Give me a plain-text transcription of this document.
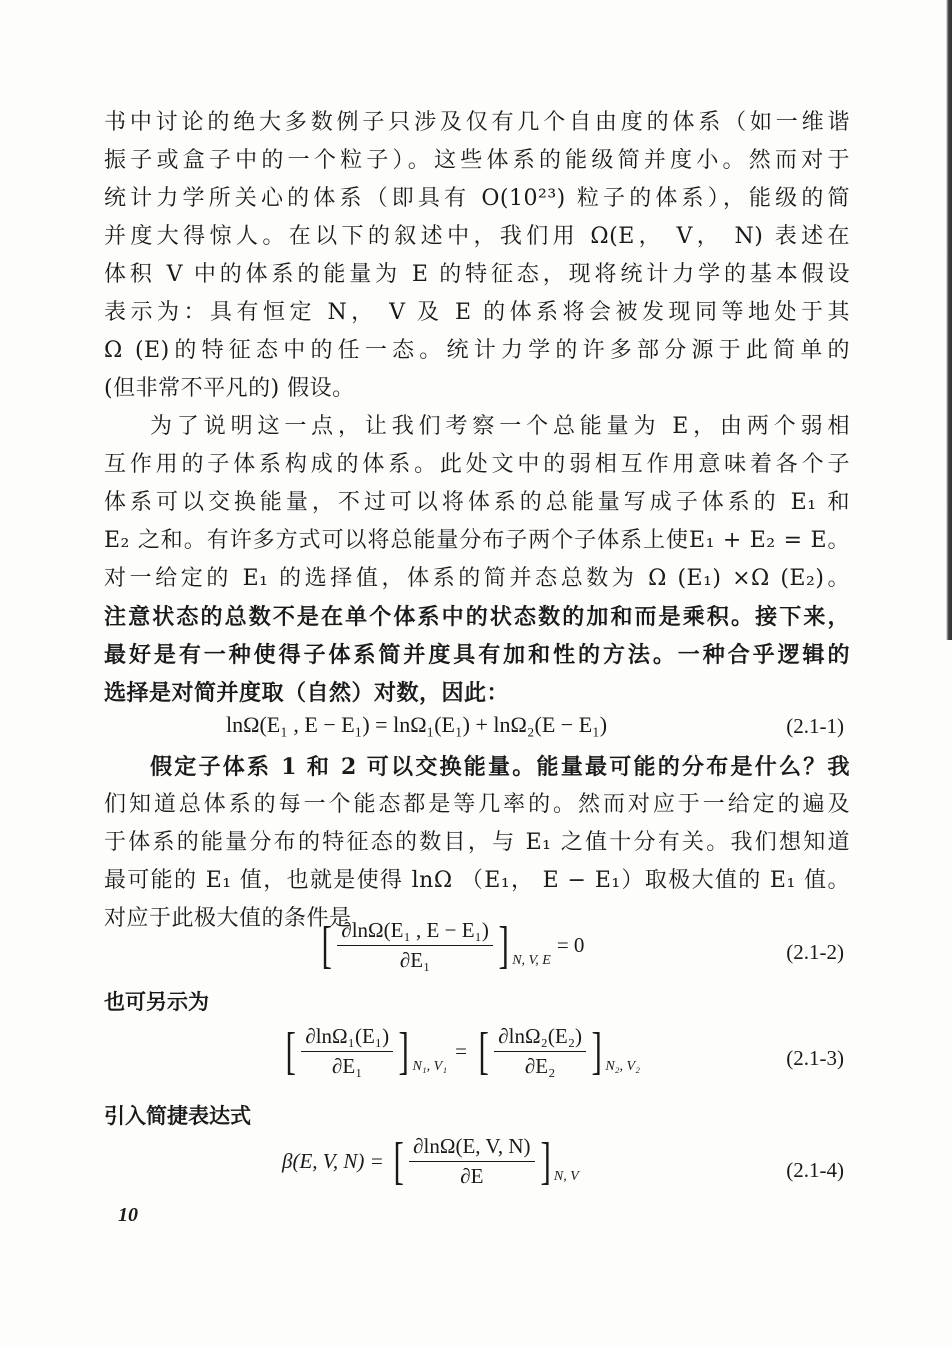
书中讨论的绝大多数例子只涉及仅有几个自由度的体系（如一维谐
振子或盒子中的一个粒子）。这些体系的能级简并度小。然而对于
统计力学所关心的体系（即具有 O(10²³) 粒子的体系），能级的简
并度大得惊人。在以下的叙述中，我们用 Ω(E， V， N) 表述在
体积 V 中的体系的能量为 E 的特征态，现将统计力学的基本假设
表示为：具有恒定 N， V 及 E 的体系将会被发现同等地处于其
Ω (E)的特征态中的任一态。统计力学的许多部分源于此简单的
(但非常不平凡的) 假设。
为了说明这一点，让我们考察一个总能量为 E，由两个弱相
互作用的子体系构成的体系。此处文中的弱相互作用意味着各个子
体系可以交换能量，不过可以将体系的总能量写成子体系的 E₁ 和
E₂ 之和。有许多方式可以将总能量分布子两个子体系上使E₁ + E₂ = E。
对一给定的 E₁ 的选择值，体系的简并态总数为 Ω (E₁) ×Ω (E₂)。
注意状态的总数不是在单个体系中的状态数的加和而是乘积。接下来，
最好是有一种使得子体系简并度具有加和性的方法。一种合乎逻辑的
选择是对简并度取（自然）对数，因此：
lnΩ(E₁ , E − E₁) = lnΩ₁(E₁) + lnΩ₂(E − E₁)	(2.1-1)
假定子体系 1 和 2 可以交换能量。能量最可能的分布是什么？我
们知道总体系的每一个能态都是等几率的。然而对应于一给定的遍及
于体系的能量分布的特征态的数目，与 E₁ 之值十分有关。我们想知道
最可能的 E₁ 值，也就是使得 lnΩ （E₁， E − E₁）取极大值的 E₁ 值。
对应于此极大值的条件是
[ $\frac{\text{∂lnΩ(E₁ , E − E₁)}}{\text{∂E₁}}$ ] N, V, E
= 0	(2.1-2)
也可另示为
[ $\frac{\text{∂lnΩ₁(E₁)}}{\text{∂E₁}}$ ] N₁, V₁
= [ $\frac{\text{∂lnΩ₂(E₂)}}{\text{∂E₂}}$ ] N₂, V₂	(2.1-3)
引入简捷表达式
β(E, V, N) = [ $\frac{\partial\ln\Omega(E, V, N)}{\partial E}$ ] N, V	(2.1-4)
10
